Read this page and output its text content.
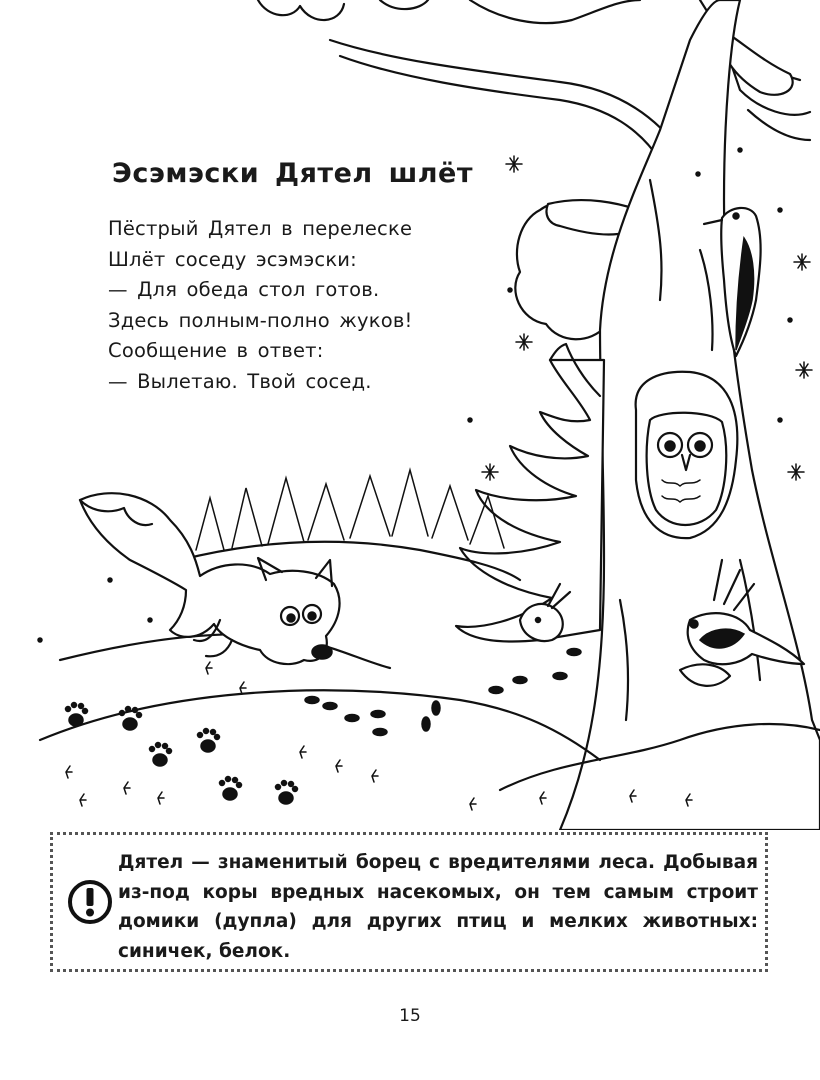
Эсэмэски Дятел шлёт
Пёстрый Дятел в перелеске
Шлёт соседу эсэмэски:
— Для обеда стол готов.
Здесь полным-полно жуков!
Сообщение в ответ:
— Вылетаю. Твой сосед.
Дятел — знаменитый борец с вредителями леса. Добывая из-под коры вредных насекомых, он тем самым строит домики (дупла) для других птиц и мелких животных: синичек, белок.
15
